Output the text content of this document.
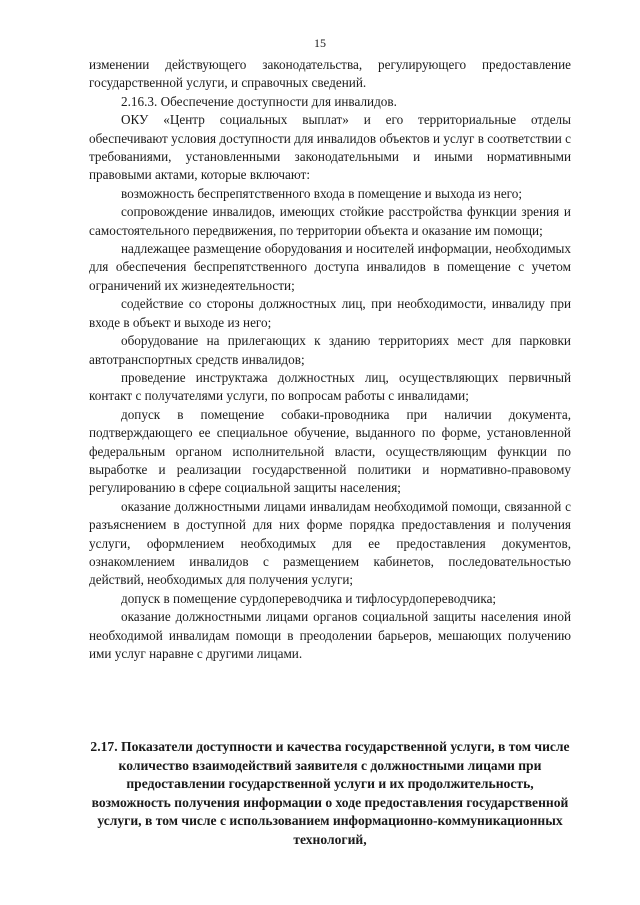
15

изменении действующего законодательства, регулирующего предоставление государственной услуги, и справочных сведений.

2.16.3. Обеспечение доступности для инвалидов.

ОКУ «Центр социальных выплат» и его территориальные отделы обеспечивают условия доступности для инвалидов объектов и услуг в соответствии с требованиями, установленными законодательными и иными нормативными правовыми актами, которые включают:

возможность беспрепятственного входа в помещение и выхода из него;

сопровождение инвалидов, имеющих стойкие расстройства функции зрения и самостоятельного передвижения, по территории объекта и оказание им помощи;

надлежащее размещение оборудования и носителей информации, необходимых для обеспечения беспрепятственного доступа инвалидов в помещение с учетом ограничений их жизнедеятельности;

содействие со стороны должностных лиц, при необходимости, инвалиду при входе в объект и выходе из него;

оборудование на прилегающих к зданию территориях мест для парковки автотранспортных средств инвалидов;

проведение инструктажа должностных лиц, осуществляющих первичный контакт с получателями услуги, по вопросам работы с инвалидами;

допуск в помещение собаки-проводника при наличии документа, подтверждающего ее специальное обучение, выданного по форме, установленной федеральным органом исполнительной власти, осуществляющим функции по выработке и реализации государственной политики и нормативно-правовому регулированию в сфере социальной защиты населения;

оказание должностными лицами инвалидам необходимой помощи, связанной с разъяснением в доступной для них форме порядка предоставления и получения услуги, оформлением необходимых для ее предоставления документов, ознакомлением инвалидов с размещением кабинетов, последовательностью действий, необходимых для получения услуги;

допуск в помещение сурдопереводчика и тифлосурдопереводчика;

оказание должностными лицами органов социальной защиты населения иной необходимой инвалидам помощи в преодолении барьеров, мешающих получению ими услуг наравне с другими лицами.

2.17. Показатели доступности и качества государственной услуги, в том числе количество взаимодействий заявителя с должностными лицами при предоставлении государственной услуги и их продолжительность, возможность получения информации о ходе предоставления государственной услуги, в том числе с использованием информационно-коммуникационных технологий,
